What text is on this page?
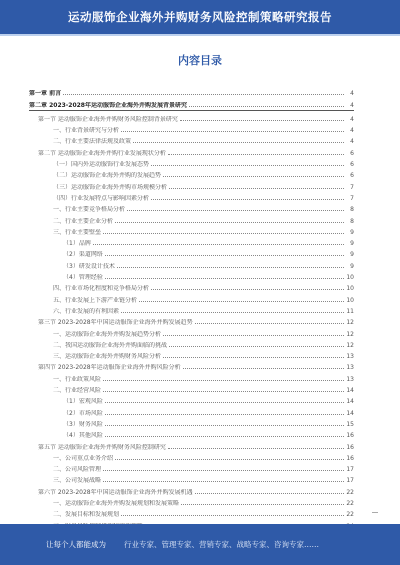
运动服饰企业海外并购财务风险控制策略研究报告
内容目录
第一章 前言	4
第二章 2023-2028年运动服饰企业海外并购发展背景研究	4
第一节 运动服饰企业海外并购财务风险控制背景研究	4
一、行业背景研究与分析	4
二、行业主要法律法规及政策	4
第二节 运动服饰企业海外并购行业发展现状分析	6
（一）国内外运动服饰行业发展态势	6
（二）运动服饰企业海外并购的发展趋势	6
（三）运动服饰企业海外并购市场规模分析	7
（四）行业发展特点与影响因素分析	7
一、行业主要竞争格局分析	8
二、行业主要企业分析	8
三、行业主要壁垒	9
（1）品牌	9
（2）渠道网络	9
（3）研发设计技术	9
（4）管理经验	10
四、行业市场化程度和竞争格局分析	10
五、行业发展上下游产业链分析	10
六、行业发展的有利因素	11
第三节 2023-2028年中国运动服饰企业海外并购发展趋势	12
一、运动服饰企业海外并购发展趋势分析	12
二、我国运动服饰企业海外并购面临的挑战	12
三、运动服饰企业海外并购财务风险分析	13
第四节 2023-2028年运动服饰企业海外并购风险分析	13
一、行业政策风险	13
二、行业经营风险	14
（1）宏观风险	14
（2）市场风险	14
（3）财务风险	15
（4）其他风险	16
第五节 运动服饰企业海外并购财务风险控制研究	16
一、公司重点业务介绍	16
二、公司风险管理	17
三、公司发展战略	17
第六节 2023-2028年中国运动服饰企业海外并购发展机遇	22
一、运动服饰企业海外并购发展规划和发展策略	22
二、发展目标和发展规划	22
让每个人都能成为 行业专家、管理专家、营销专家、战略专家、咨询专家……
